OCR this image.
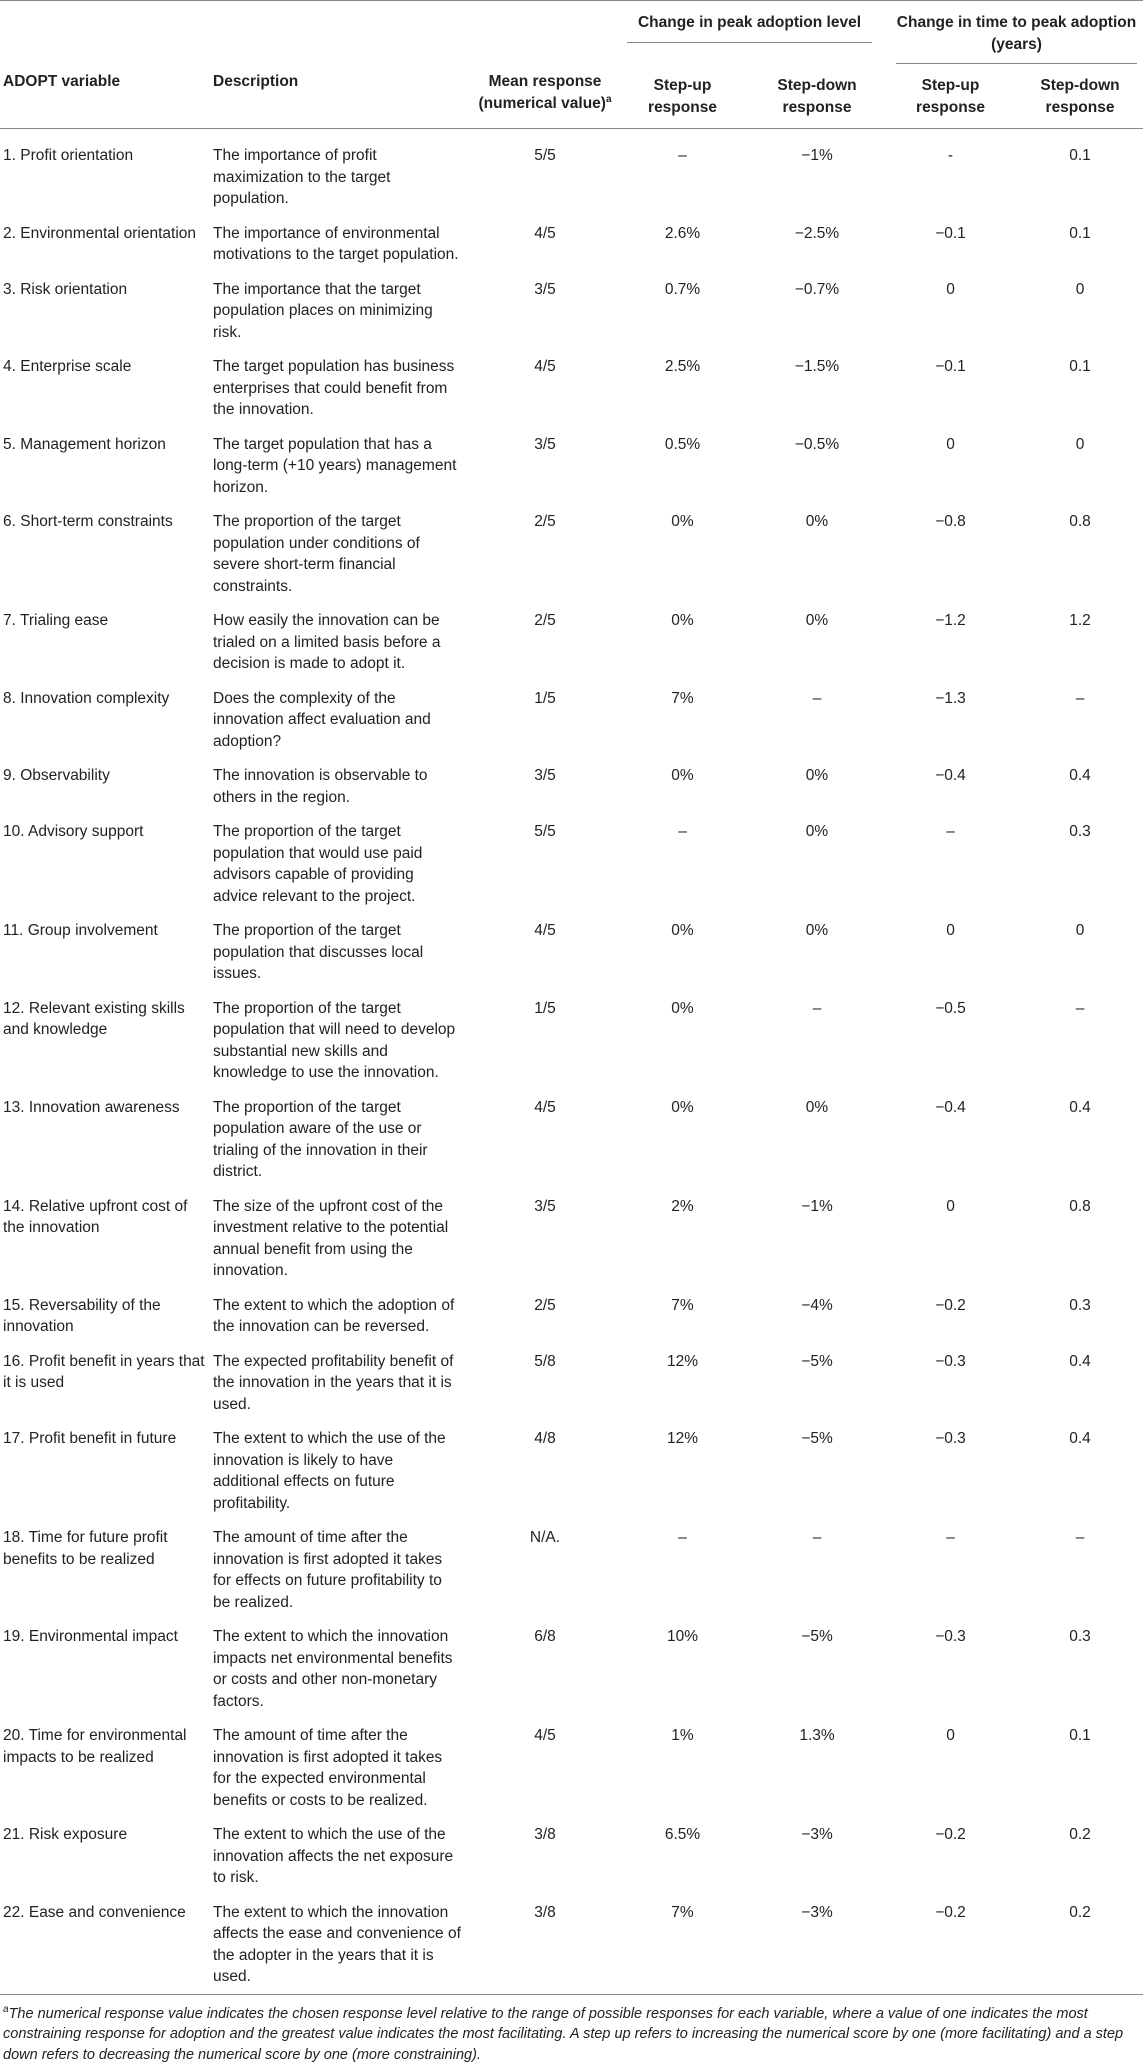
ADOPT variable	Description	Mean response (numerical value)$^a$	Change in peak adoption level		Change in time to peak adoption (years)	

			Step-up response	Step-down response	Step-up response	Step-down response

1. Profit orientation	The importance of profit maximization to the target population.	5/5	–	−1%	-	0.1
2. Environmental orientation	The importance of environmental motivations to the target population.	4/5	2.6%	−2.5%	−0.1	0.1
3. Risk orientation	The importance that the target population places on minimizing risk.	3/5	0.7%	−0.7%	0	0
4. Enterprise scale	The target population has business enterprises that could benefit from the innovation.	4/5	2.5%	−1.5%	−0.1	0.1
5. Management horizon	The target population that has a long-term (+10 years) management horizon.	3/5	0.5%	−0.5%	0	0
6. Short-term constraints	The proportion of the target population under conditions of severe short-term financial constraints.	2/5	0%	0%	−0.8	0.8
7. Trialing ease	How easily the innovation can be trialed on a limited basis before a decision is made to adopt it.	2/5	0%	0%	−1.2	1.2
8. Innovation complexity	Does the complexity of the innovation affect evaluation and adoption?	1/5	7%	–	−1.3	–
9. Observability	The innovation is observable to others in the region.	3/5	0%	0%	−0.4	0.4
10. Advisory support	The proportion of the target population that would use paid advisors capable of providing advice relevant to the project.	5/5	–	0%	–	0.3
11. Group involvement	The proportion of the target population that discusses local issues.	4/5	0%	0%	0	0
12. Relevant existing skills and knowledge	The proportion of the target population that will need to develop substantial new skills and knowledge to use the innovation.	1/5	0%	–	−0.5	–
13. Innovation awareness	The proportion of the target population aware of the use or trialing of the innovation in their district.	4/5	0%	0%	−0.4	0.4
14. Relative upfront cost of the innovation	The size of the upfront cost of the investment relative to the potential annual benefit from using the innovation.	3/5	2%	−1%	0	0.8
15. Reversability of the innovation	The extent to which the adoption of the innovation can be reversed.	2/5	7%	−4%	−0.2	0.3
16. Profit benefit in years that it is used	The expected profitability benefit of the innovation in the years that it is used.	5/8	12%	−5%	−0.3	0.4
17. Profit benefit in future	The extent to which the use of the innovation is likely to have additional effects on future profitability.	4/8	12%	−5%	−0.3	0.4
18. Time for future profit benefits to be realized	The amount of time after the innovation is first adopted it takes for effects on future profitability to be realized.	N/A.	–	–	–	–
19. Environmental impact	The extent to which the innovation impacts net environmental benefits or costs and other non-monetary factors.	6/8	10%	−5%	−0.3	0.3
20. Time for environmental impacts to be realized	The amount of time after the innovation is first adopted it takes for the expected environmental benefits or costs to be realized.	4/5	1%	1.3%	0	0.1
21. Risk exposure	The extent to which the use of the innovation affects the net exposure to risk.	3/8	6.5%	−3%	−0.2	0.2
22. Ease and convenience	The extent to which the innovation affects the ease and convenience of the adopter in the years that it is used.	3/8	7%	−3%	−0.2	0.2

$^a$The numerical response value indicates the chosen response level relative to the range of possible responses for each variable, where a value of one indicates the most constraining response for adoption and the greatest value indicates the most facilitating. A step up refers to increasing the numerical score by one (more facilitating) and a step down refers to decreasing the numerical score by one (more constraining).						
